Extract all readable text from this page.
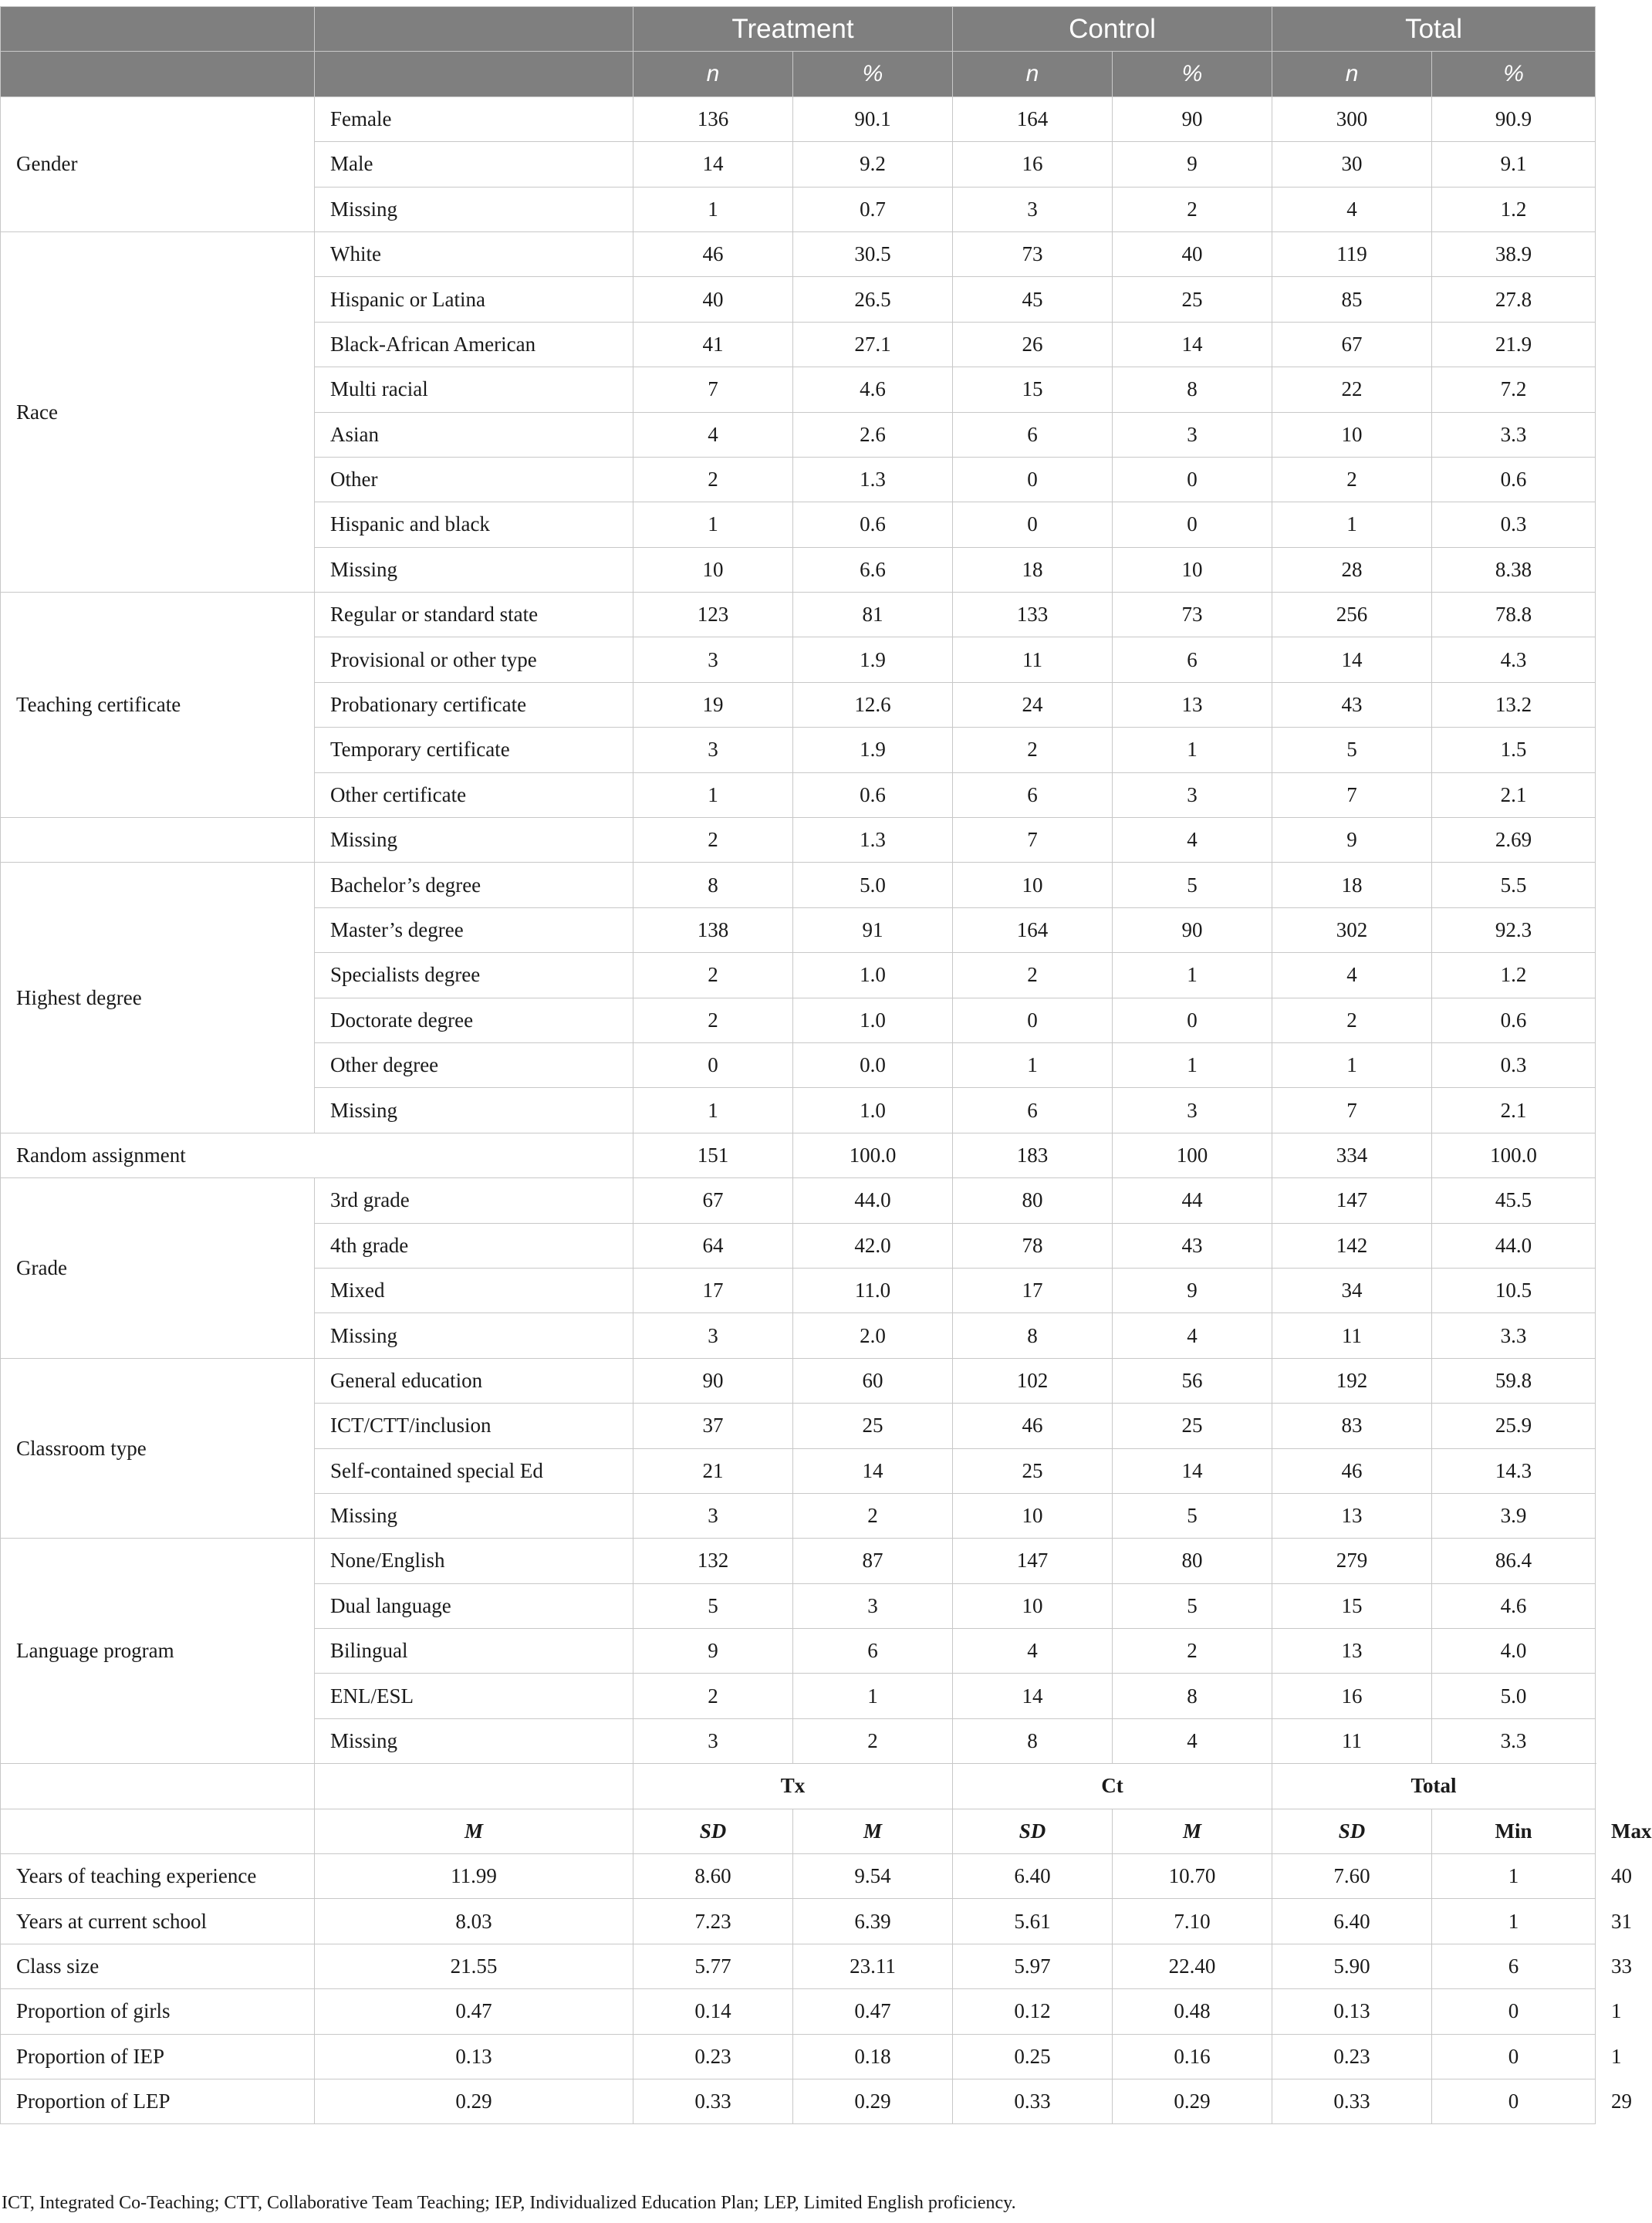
		Treatment		Control		Total		
		n	%	n	%	n	%	
Gender	Female	136	90.1	164	90	300	90.9	
	Male	14	9.2	16	9	30	9.1	
	Missing	1	0.7	3	2	4	1.2	
Race	White	46	30.5	73	40	119	38.9	
	Hispanic or Latina	40	26.5	45	25	85	27.8	
	Black-African American	41	27.1	26	14	67	21.9	
	Multi racial	7	4.6	15	8	22	7.2	
	Asian	4	2.6	6	3	10	3.3	
	Other	2	1.3	0	0	2	0.6	
	Hispanic and black	1	0.6	0	0	1	0.3	
	Missing	10	6.6	18	10	28	8.38	
Teaching certificate	Regular or standard state	123	81	133	73	256	78.8	
	Provisional or other type	3	1.9	11	6	14	4.3	
	Probationary certificate	19	12.6	24	13	43	13.2	
	Temporary certificate	3	1.9	2	1	5	1.5	
	Other certificate	1	0.6	6	3	7	2.1	
	Missing	2	1.3	7	4	9	2.69	
Highest degree	Bachelor’s degree	8	5.0	10	5	18	5.5	
	Master’s degree	138	91	164	90	302	92.3	
	Specialists degree	2	1.0	2	1	4	1.2	
	Doctorate degree	2	1.0	0	0	2	0.6	
	Other degree	0	0.0	1	1	1	0.3	
	Missing	1	1.0	6	3	7	2.1	
Random assignment		151	100.0	183	100	334	100.0	
Grade	3rd grade	67	44.0	80	44	147	45.5	
	4th grade	64	42.0	78	43	142	44.0	
	Mixed	17	11.0	17	9	34	10.5	
	Missing	3	2.0	8	4	11	3.3	
Classroom type	General education	90	60	102	56	192	59.8	
	ICT/CTT/inclusion	37	25	46	25	83	25.9	
	Self-contained special Ed	21	14	25	14	46	14.3	
	Missing	3	2	10	5	13	3.9	
Language program	None/English	132	87	147	80	279	86.4	
	Dual language	5	3	10	5	15	4.6	
	Bilingual	9	6	4	2	13	4.0	
	ENL/ESL	2	1	14	8	16	5.0	
	Missing	3	2	8	4	11	3.3	
		Tx		Ct		Total		
	M	SD	M	SD	M	SD	Min	Max
Years of teaching experience	11.99	8.60	9.54	6.40	10.70	7.60	1	40
Years at current school	8.03	7.23	6.39	5.61	7.10	6.40	1	31
Class size	21.55	5.77	23.11	5.97	22.40	5.90	6	33
Proportion of girls	0.47	0.14	0.47	0.12	0.48	0.13	0	1
Proportion of IEP	0.13	0.23	0.18	0.25	0.16	0.23	0	1
Proportion of LEP	0.29	0.33	0.29	0.33	0.29	0.33	0	29
ICT, Integrated Co-Teaching; CTT, Collaborative Team Teaching; IEP, Individualized Education Plan; LEP, Limited English proficiency.
